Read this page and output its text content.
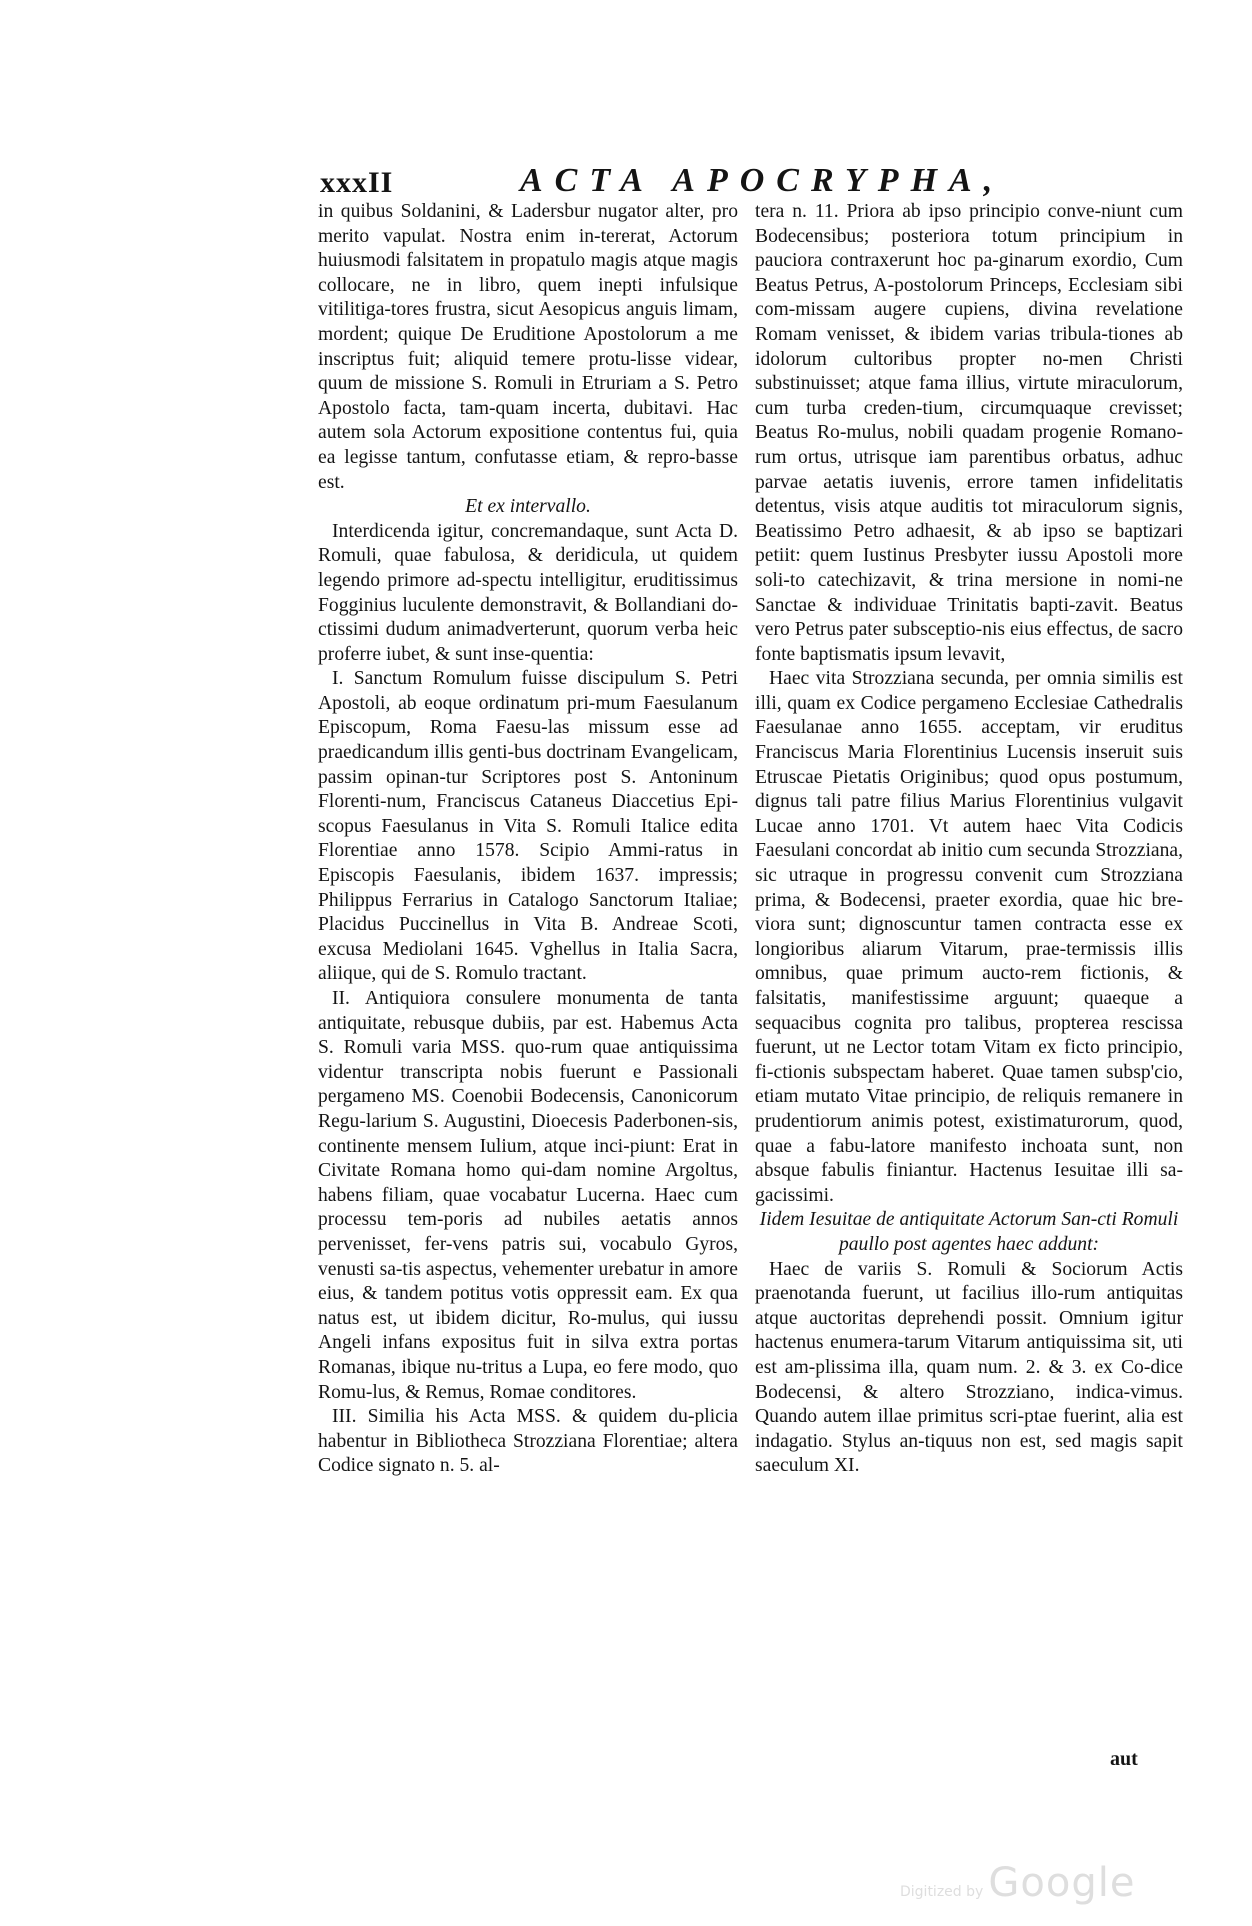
xxxII	ACTA APOCRYPHA,

in quibus Soldanini, & Ladersbur nugator alter, pro merito vapulat. Nostra enim in-tererat, Actorum huiusmodi falsitatem in propatulo magis atque magis collocare, ne in libro, quem inepti infulsique vitilitiga-tores frustra, sicut Aesopicus anguis limam, mordent; quique De Eruditione Apostolorum a me inscriptus fuit; aliquid temere protu-lisse videar, quum de missione S. Romuli in Etruriam a S. Petro Apostolo facta, tam-quam incerta, dubitavi. Hac autem sola Actorum expositione contentus fui, quia ea legisse tantum, confutasse etiam, & repro-basse est.

Et ex intervallo.

Interdicenda igitur, concremandaque, sunt Acta D. Romuli, quae fabulosa, & deridicula, ut quidem legendo primore ad-spectu intelligitur, eruditissimus Fogginius luculente demonstravit, & Bollandiani do-ctissimi dudum animadverterunt, quorum verba heic proferre iubet, & sunt inse-quentia:

I. Sanctum Romulum fuisse discipulum S. Petri Apostoli, ab eoque ordinatum pri-mum Faesulanum Episcopum, Roma Faesu-las missum esse ad praedicandum illis genti-bus doctrinam Evangelicam, passim opinan-tur Scriptores post S. Antoninum Florenti-num, Franciscus Cataneus Diaccetius Epi-scopus Faesulanus in Vita S. Romuli Italice edita Florentiae anno 1578. Scipio Ammi-ratus in Episcopis Faesulanis, ibidem 1637. impressis; Philippus Ferrarius in Catalogo Sanctorum Italiae; Placidus Puccinellus in Vita B. Andreae Scoti, excusa Mediolani 1645. Vghellus in Italia Sacra, aliique, qui de S. Romulo tractant.

II. Antiquiora consulere monumenta de tanta antiquitate, rebusque dubiis, par est. Habemus Acta S. Romuli varia MSS. quo-rum quae antiquissima videntur transcripta nobis fuerunt e Passionali pergameno MS. Coenobii Bodecensis, Canonicorum Regu-larium S. Augustini, Dioecesis Paderbonen-sis, continente mensem Iulium, atque inci-piunt: Erat in Civitate Romana homo qui-dam nomine Argoltus, habens filiam, quae vocabatur Lucerna. Haec cum processu tem-poris ad nubiles aetatis annos pervenisset, fer-vens patris sui, vocabulo Gyros, venusti sa-tis aspectus, vehementer urebatur in amore eius, & tandem potitus votis oppressit eam. Ex qua natus est, ut ibidem dicitur, Ro-mulus, qui iussu Angeli infans expositus fuit in silva extra portas Romanas, ibique nu-tritus a Lupa, eo fere modo, quo Romu-lus, & Remus, Romae conditores.

III. Similia his Acta MSS. & quidem du-plicia habentur in Bibliotheca Strozziana Florentiae; altera Codice signato n. 5. al-

tera n. 11. Priora ab ipso principio conve-niunt cum Bodecensibus; posteriora totum principium in pauciora contraxerunt hoc pa-ginarum exordio, Cum Beatus Petrus, A-postolorum Princeps, Ecclesiam sibi com-missam augere cupiens, divina revelatione Romam venisset, & ibidem varias tribula-tiones ab idolorum cultoribus propter no-men Christi substinuisset; atque fama illius, virtute miraculorum, cum turba creden-tium, circumquaque crevisset; Beatus Ro-mulus, nobili quadam progenie Romano-rum ortus, utrisque iam parentibus orbatus, adhuc parvae aetatis iuvenis, errore tamen infidelitatis detentus, visis atque auditis tot miraculorum signis, Beatissimo Petro adhaesit, & ab ipso se baptizari petiit: quem Iustinus Presbyter iussu Apostoli more soli-to catechizavit, & trina mersione in nomi-ne Sanctae & individuae Trinitatis bapti-zavit. Beatus vero Petrus pater subsceptio-nis eius effectus, de sacro fonte baptismatis ipsum levavit,

Haec vita Strozziana secunda, per omnia similis est illi, quam ex Codice pergameno Ecclesiae Cathedralis Faesulanae anno 1655. acceptam, vir eruditus Franciscus Maria Florentinius Lucensis inseruit suis Etruscae Pietatis Originibus; quod opus postumum, dignus tali patre filius Marius Florentinius vulgavit Lucae anno 1701. Vt autem haec Vita Codicis Faesulani concordat ab initio cum secunda Strozziana, sic utraque in progressu convenit cum Strozziana prima, & Bodecensi, praeter exordia, quae hic bre-viora sunt; dignoscuntur tamen contracta esse ex longioribus aliarum Vitarum, prae-termissis illis omnibus, quae primum aucto-rem fictionis, & falsitatis, manifestissime arguunt; quaeque a sequacibus cognita pro talibus, propterea rescissa fuerunt, ut ne Lector totam Vitam ex ficto principio, fi-ctionis subspectam haberet. Quae tamen subsp'cio, etiam mutato Vitae principio, de reliquis remanere in prudentiorum animis potest, existimaturorum, quod, quae a fabu-latore manifesto inchoata sunt, non absque fabulis finiantur. Hactenus Iesuitae illi sa-gacissimi.

Iidem Iesuitae de antiquitate Actorum San-cti Romuli paullo post agentes haec addunt:

Haec de variis S. Romuli & Sociorum Actis praenotanda fuerunt, ut facilius illo-rum antiquitas atque auctoritas deprehendi possit. Omnium igitur hactenus enumera-tarum Vitarum antiquissima sit, uti est am-plissima illa, quam num. 2. & 3. ex Co-dice Bodecensi, & altero Strozziano, indica-vimus. Quando autem illae primitus scri-ptae fuerint, alia est indagatio. Stylus an-tiquus non est, sed magis sapit saeculum XI.

aut
Digitized by Google
